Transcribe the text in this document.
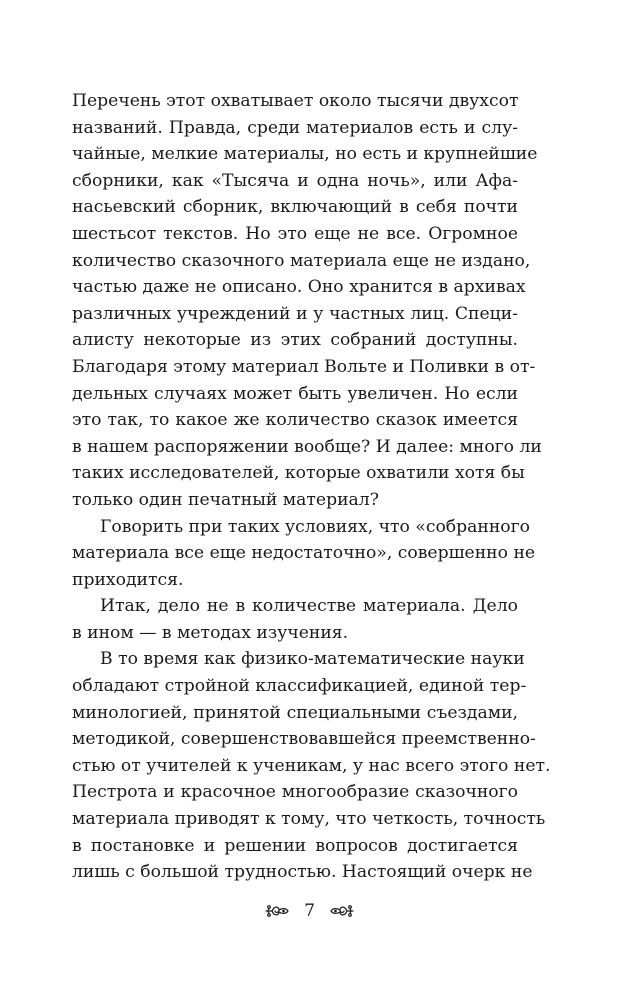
Перечень этот охватывает около тысячи двухсот
названий. Правда, среди материалов есть и слу-
чайные, мелкие материалы, но есть и крупнейшие
сборники, как «Тысяча и одна ночь», или Афа-
насьевский сборник, включающий в себя почти
шестьсот текстов. Но это еще не все. Огромное
количество сказочного материала еще не издано,
частью даже не описано. Оно хранится в архивах
различных учреждений и у частных лиц. Специ-
алисту некоторые из этих собраний доступны.
Благодаря этому материал Вольте и Поливки в от-
дельных случаях может быть увеличен. Но если
это так, то какое же количество сказок имеется
в нашем распоряжении вообще? И далее: много ли
таких исследователей, которые охватили хотя бы
только один печатный материал?
Говорить при таких условиях, что «собранного
материала все еще недостаточно», совершенно не
приходится.
Итак, дело не в количестве материала. Дело
в ином — в методах изучения.
В то время как физико-математические науки
обладают стройной классификацией, единой тер-
минологией, принятой специальными съездами,
методикой, совершенствовавшейся преемственно-
стью от учителей к ученикам, у нас всего этого нет.
Пестрота и красочное многообразие сказочного
материала приводят к тому, что четкость, точность
в постановке и решении вопросов достигается
лишь с большой трудностью. Настоящий очерк не
7
